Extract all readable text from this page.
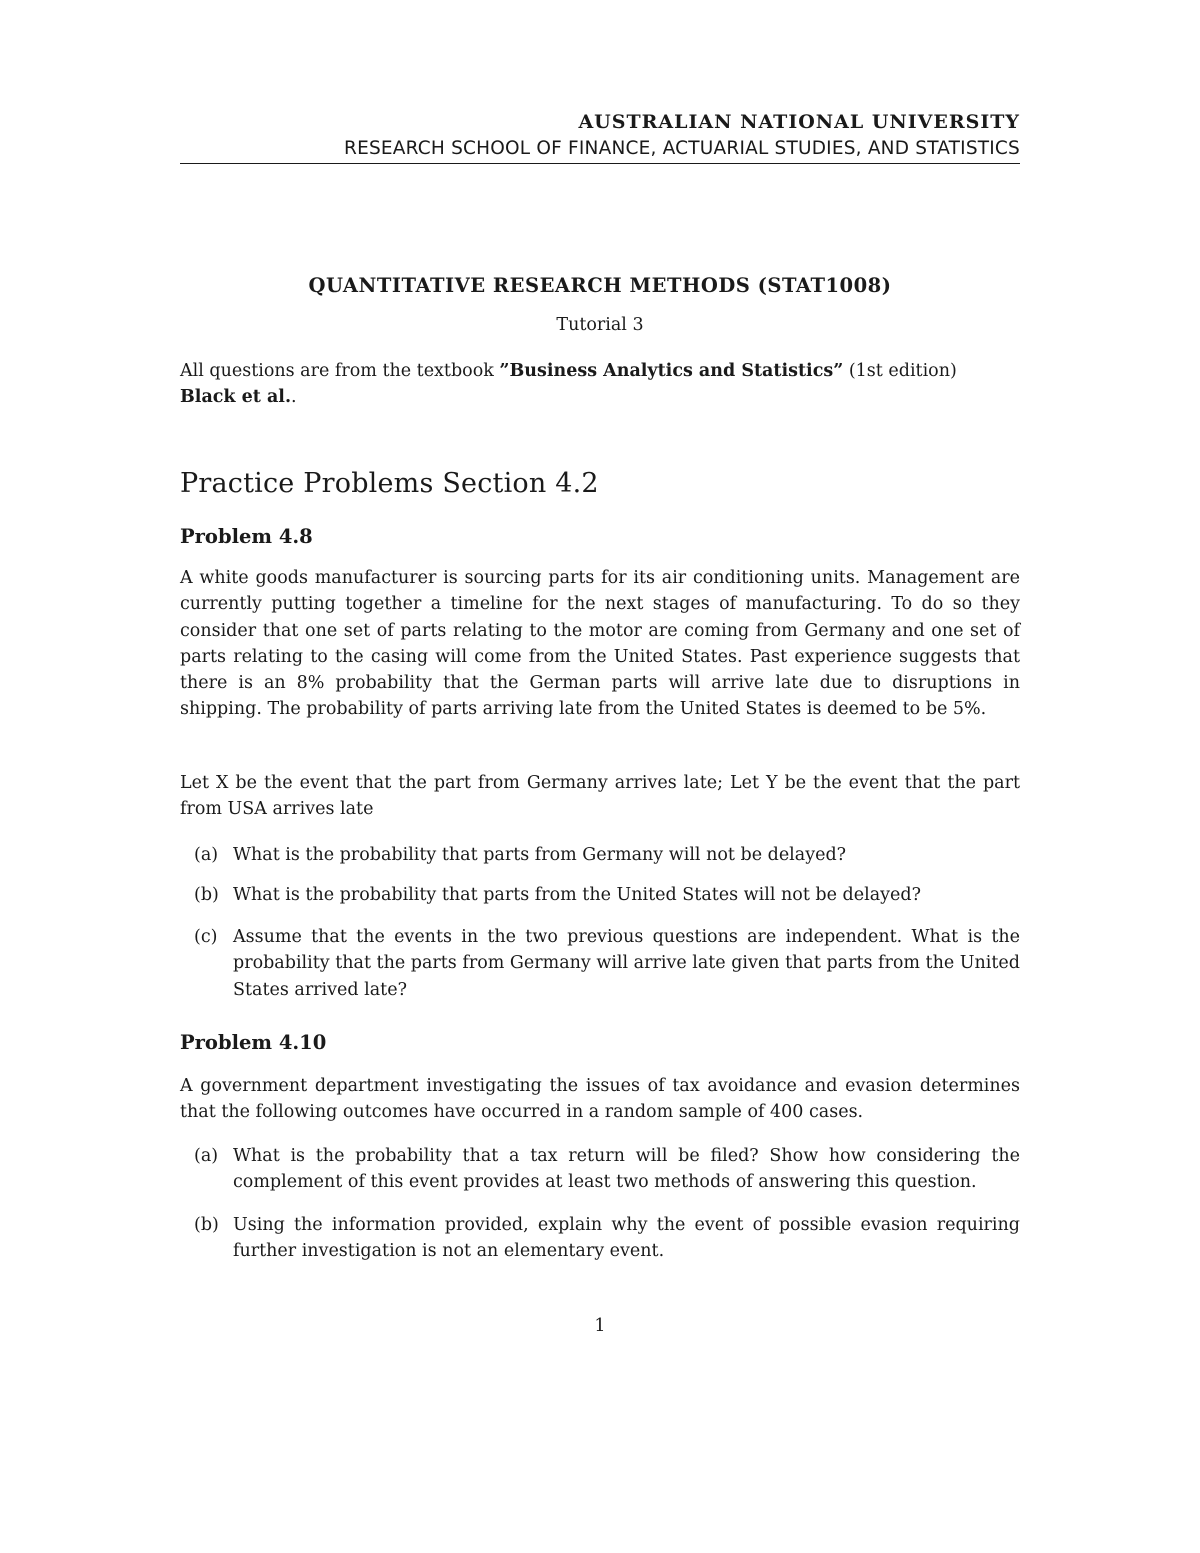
AUSTRALIAN NATIONAL UNIVERSITY
RESEARCH SCHOOL OF FINANCE, ACTUARIAL STUDIES, AND STATISTICS
QUANTITATIVE RESEARCH METHODS (STAT1008)
Tutorial 3
All questions are from the textbook ”Business Analytics and Statistics” (1st edition)
Black et al..
Practice Problems Section 4.2
Problem 4.8
A white goods manufacturer is sourcing parts for its air conditioning units. Management are currently putting together a timeline for the next stages of manufacturing. To do so they consider that one set of parts relating to the motor are coming from Germany and one set of parts relating to the casing will come from the United States. Past experience suggests that there is an 8% probability that the German parts will arrive late due to disruptions in shipping. The probability of parts arriving late from the United States is deemed to be 5%.
Let X be the event that the part from Germany arrives late; Let Y be the event that the part from USA arrives late
(a) What is the probability that parts from Germany will not be delayed?
(b) What is the probability that parts from the United States will not be delayed?
(c) Assume that the events in the two previous questions are independent. What is the probability that the parts from Germany will arrive late given that parts from the United States arrived late?
Problem 4.10
A government department investigating the issues of tax avoidance and evasion determines that the following outcomes have occurred in a random sample of 400 cases.
(a) What is the probability that a tax return will be filed? Show how considering the complement of this event provides at least two methods of answering this question.
(b) Using the information provided, explain why the event of possible evasion requiring further investigation is not an elementary event.
1
